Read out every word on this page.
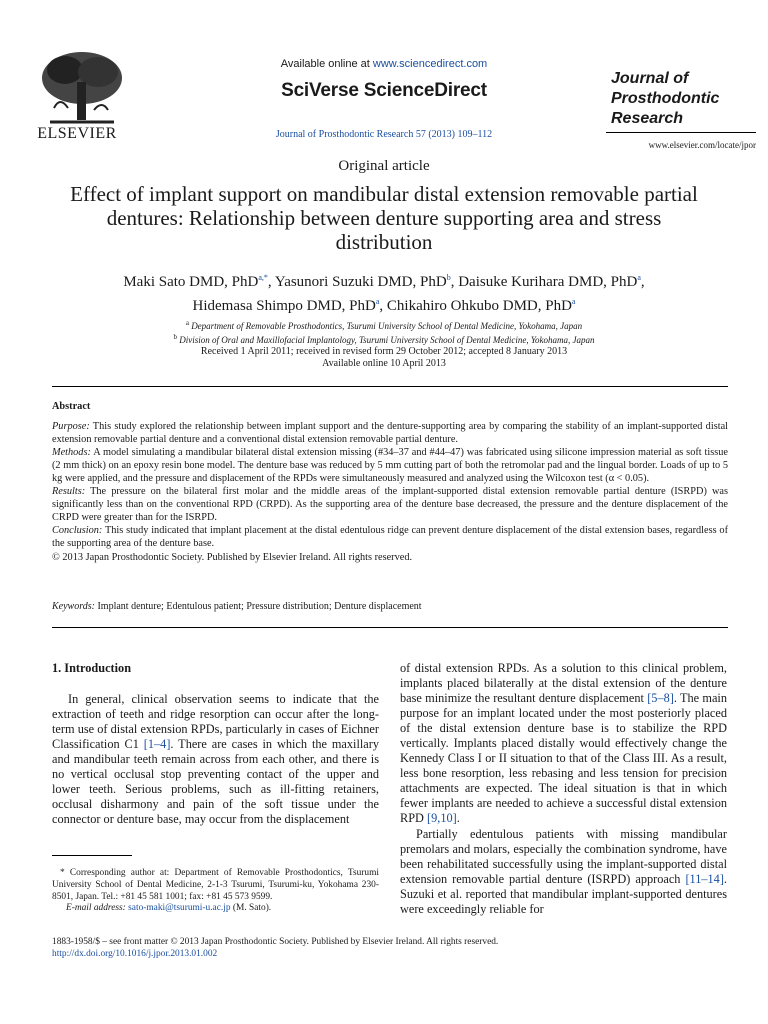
ELSEVIER
Available online at www.sciencedirect.com
SciVerse ScienceDirect
Journal of Prosthodontic Research 57 (2013) 109–112
Journal of
Prosthodontic
Research
www.elsevier.com/locate/jpor
Original article
Effect of implant support on mandibular distal extension removable partial dentures: Relationship between denture supporting area and stress distribution
Maki Sato DMD, PhD$^{a,*}$, Yasunori Suzuki DMD, PhD$^b$, Daisuke Kurihara DMD, PhD$^a$,
Hidemasa Shimpo DMD, PhD$^a$, Chikahiro Ohkubo DMD, PhD$^a$
$^a$ Department of Removable Prosthodontics, Tsurumi University School of Dental Medicine, Yokohama, Japan
$^b$ Division of Oral and Maxillofacial Implantology, Tsurumi University School of Dental Medicine, Yokohama, Japan
Received 1 April 2011; received in revised form 29 October 2012; accepted 8 January 2013
Available online 10 April 2013
Abstract
Purpose: This study explored the relationship between implant support and the denture-supporting area by comparing the stability of an implant-supported distal extension removable partial denture and a conventional distal extension removable partial denture.
Methods: A model simulating a mandibular bilateral distal extension missing (#34–37 and #44–47) was fabricated using silicone impression material as soft tissue (2 mm thick) on an epoxy resin bone model. The denture base was reduced by 5 mm cutting part of both the retromolar pad and the lingual border. Loads of up to 5 kg were applied, and the pressure and displacement of the RPDs were simultaneously measured and analyzed using the Wilcoxon test (α < 0.05).
Results: The pressure on the bilateral first molar and the middle areas of the implant-supported distal extension removable partial denture (ISRPD) was significantly less than on the conventional RPD (CRPD). As the supporting area of the denture base decreased, the pressure and the denture displacement of the CRPD were greater than for the ISRPD.
Conclusion: This study indicated that implant placement at the distal edentulous ridge can prevent denture displacement of the distal extension bases, regardless of the supporting area of the denture base.
© 2013 Japan Prosthodontic Society. Published by Elsevier Ireland. All rights reserved.
Keywords: Implant denture; Edentulous patient; Pressure distribution; Denture displacement
1. Introduction
In general, clinical observation seems to indicate that the extraction of teeth and ridge resorption can occur after the long-term use of distal extension RPDs, particularly in cases of Eichner Classification C1 [1–4]. There are cases in which the maxillary and mandibular teeth remain across from each other, and there is no vertical occlusal stop preventing contact of the upper and lower teeth. Serious problems, such as ill-fitting retainers, occlusal disharmony and pain of the soft tissue under the connector or denture base, may occur from the displacement
of distal extension RPDs. As a solution to this clinical problem, implants placed bilaterally at the distal extension of the denture base minimize the resultant denture displacement [5–8]. The main purpose for an implant located under the most posteriorly placed of the distal extension denture base is to stabilize the RPD vertically. Implants placed distally would effectively change the Kennedy Class I or II situation to that of the Class III. As a result, less bone resorption, less rebasing and less tension for precision attachments are expected. The ideal situation is that in which fewer implants are needed to achieve a successful distal extension RPD [9,10].
Partially edentulous patients with missing mandibular premolars and molars, especially the combination syndrome, have been rehabilitated successfully using the implant-supported distal extension removable partial denture (ISRPD) approach [11–14]. Suzuki et al. reported that mandibular implant-supported dentures were exceedingly reliable for
* Corresponding author at: Department of Removable Prosthodontics, Tsurumi University School of Dental Medicine, 2-1-3 Tsurumi, Tsurumi-ku, Yokohama 230-8501, Japan. Tel.: +81 45 581 1001; fax: +81 45 573 9599.
E-mail address: sato-maki@tsurumi-u.ac.jp (M. Sato).
1883-1958/$ – see front matter © 2013 Japan Prosthodontic Society. Published by Elsevier Ireland. All rights reserved.
http://dx.doi.org/10.1016/j.jpor.2013.01.002
